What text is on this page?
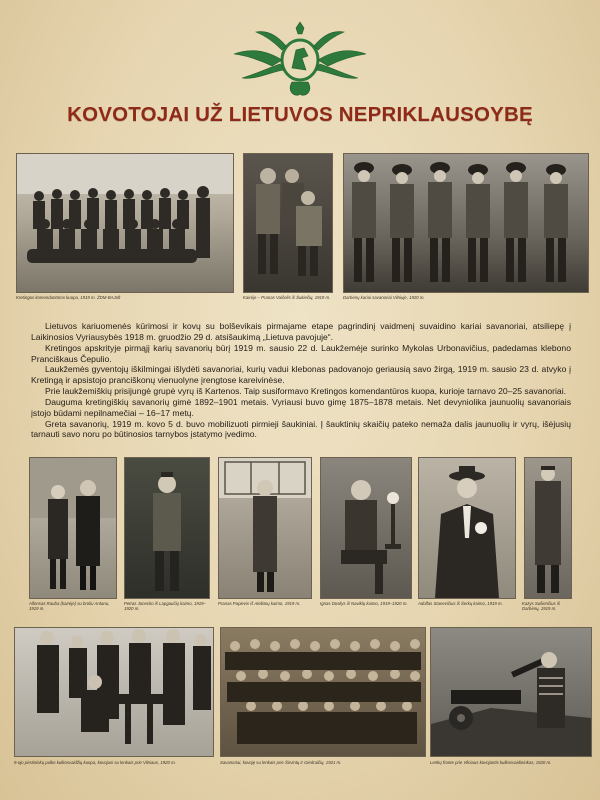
KOVOTOJAI UŽ LIETUVOS NEPRIKLAUSOYBĘ
Kretingos komendantūros kuopa, 1919 m. ŽDM-BAJoft	Kairėje – Pranas Vaičelis iš Šukiečių, 1919 m.	Darbėnų kariai savanoriai Vilniuje, 1920 m.

Lietuvos kariuomenės kūrimosi ir kovų su bolševikais pirmajame etape pagrindinį vaidmenį suvaidino kariai savanoriai, atsiliepę į Laikinosios Vyriausybės 1918 m. gruodžio 29 d. atsišaukimą „Lietuva pavojuje“.

Kretingos apskrityje pirmąjį karių savanorių būrį 1919 m. sausio 22 d. Laukžemėje surinko Mykolas Urbonavičius, padedamas klebono Pranciškaus Čepulio.

Laukžemės gyventojų iškilmingai išlydėti savanoriai, kurių vadui klebonas padovanojo geriausią savo žirgą, 1919 m. sausio 23 d. atvyko į Kretingą ir apsistojo pranciškonų vienuolyne įrengtose kareivinėse.

Prie laukžemiškių prisijungė grupė vyrų iš Kartenos. Taip susiformavo Kretingos komendantūros kuopa, kurioje tarnavo 20–25 savanoriai.

Dauguma kretingiškių savanorių gimė 1892–1901 metais. Vyriausi buvo gimę 1875–1878 metais. Net devyniolika jaunuolių savanoriais įstojo būdami nepilnamečiai – 16–17 metų.

Greta savanorių, 1919 m. kovo 5 d. buvo mobilizuoti pirmieji šaukiniai. Į šauktinių skaičių pateko nemaža dalis jaunuolių ir vyrų, išėjusių tarnauti savo noru po būtinosios tarnybos įstatymo įvedimo.

Alfonsas Rauba (kairėje) su broliu Antanu, 1919 m.
Petras Jonecko iš Lapgaučių kaimo, 1919–1920 m.
Pranas Papievis iš Aleliūnų kaimo, 1919 m.	Ignas Dosilys iš Naviklų kaimo, 1919–1920 m.	Adolfas Stanevičius iš Šerkų kaimo, 1919 m.	Kazys Sušienčius iš Darbėnų, 1919 m.
9-ojo pėstininkų pulko kulkosvaidžių kuopa, kovojusi su lenkais prie Vilniaus, 1920 m.	Savanoriai, kovoję su lenkais prie Širvintų ir Giedraičių, 1921 m.	Lenkų fronte prie Vilniaus kovojantis kulkosvaidininkas, 1920 m.
